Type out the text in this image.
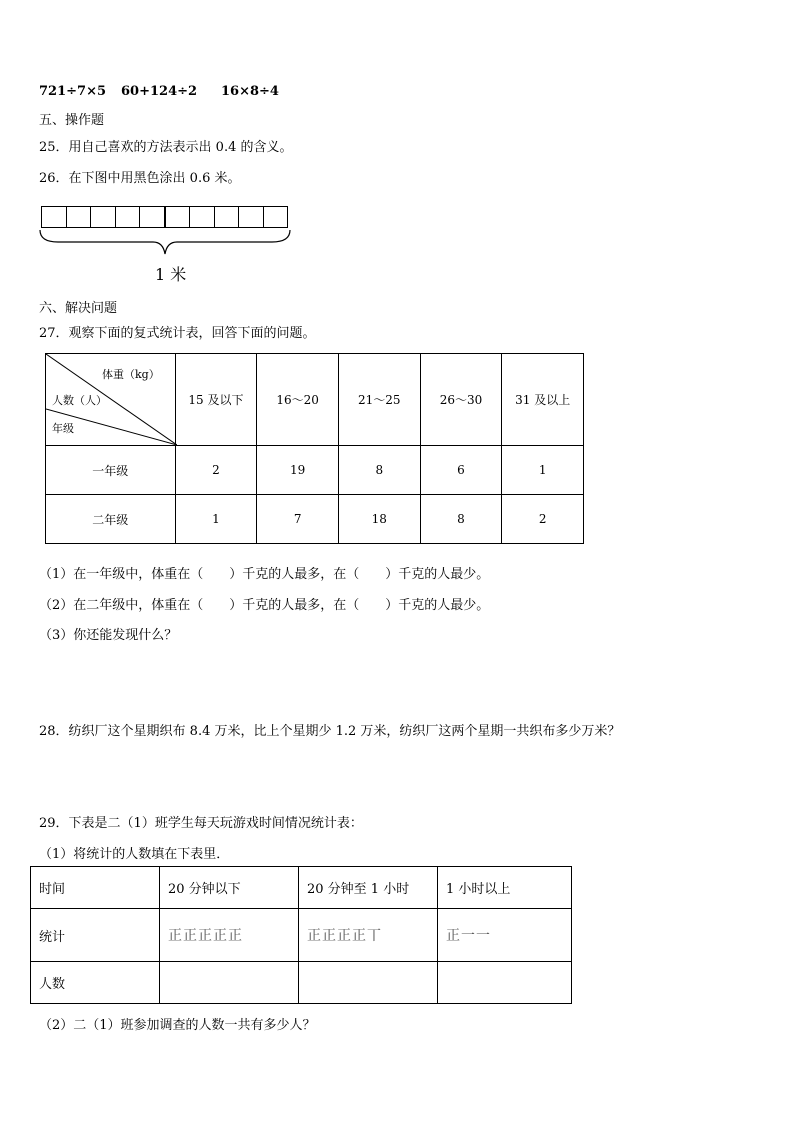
721÷7×5 60+124÷2 16×8÷4
五、操作题
25．用自己喜欢的方法表示出 0.4 的含义。
26．在下图中用黑色涂出 0.6 米。
1 米
六、解决问题
27．观察下面的复式统计表，回答下面的问题。
体重（kg）
人数（人）
年级	15 及以下	16～20	21～25	26～30	31 及以上
一年级	2	19	8	6	1
二年级	1	7	18	8	2
（1）在一年级中，体重在（　　）千克的人最多，在（　　）千克的人最少。
（2）在二年级中，体重在（　　）千克的人最多，在（　　）千克的人最少。
（3）你还能发现什么？
28．纺织厂这个星期织布 8.4 万米，比上个星期少 1.2 万米，纺织厂这两个星期一共织布多少万米？
29．下表是二（1）班学生每天玩游戏时间情况统计表：
（1）将统计的人数填在下表里．
时间	20 分钟以下	20 分钟至 1 小时	1 小时以上
统计	正正正正正	正正正正丅	正一一
人数			
（2）二（1）班参加调查的人数一共有多少人？
